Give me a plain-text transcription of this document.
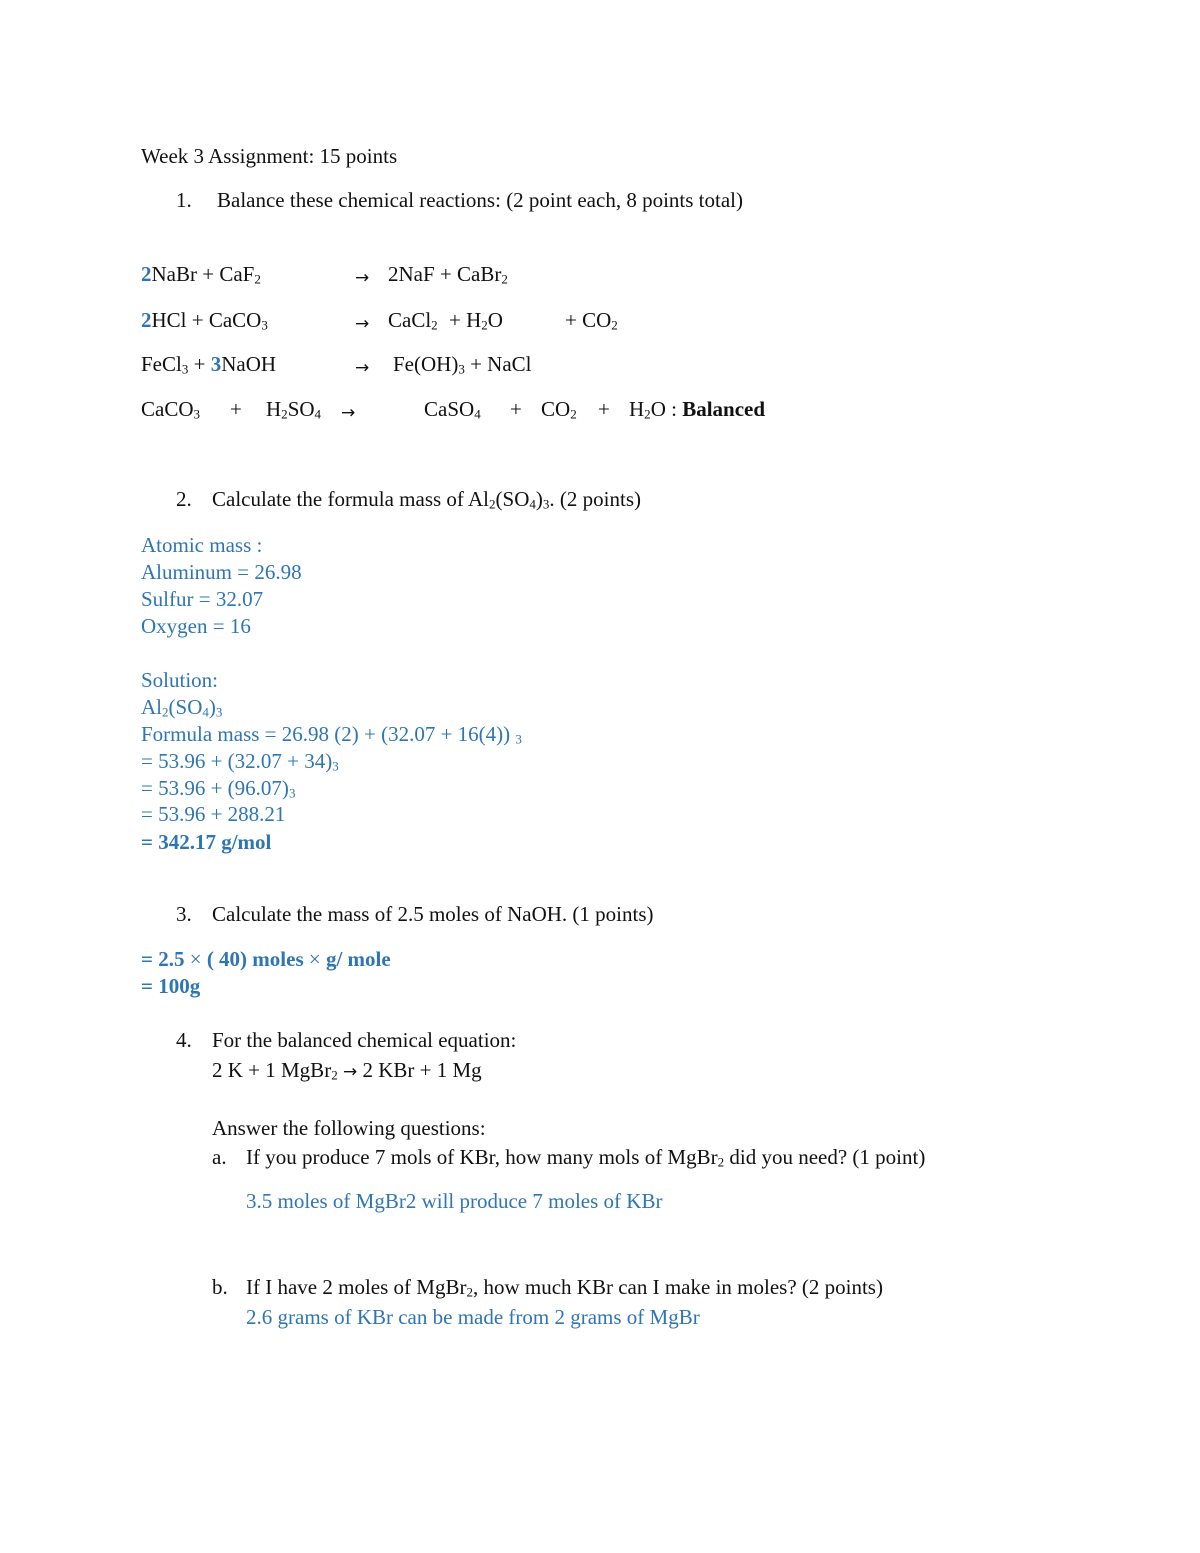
Week 3 Assignment: 15 points
1. Balance these chemical reactions: (2 point each, 8 points total)
2NaBr + CaF$_2$	→ 2NaF + CaBr$_2$
2HCl + CaCO$_3$	→ CaCl$_2$ + $H_2O$	+ $CO_2$
FeCl$_3$ + 3NaOH	→ $Fe(OH)_3$ + NaCl
CaCO$_3$ + $H_2SO_4$ →	CaSO$_4$ + $CO_2 + H_2O$ : Balanced
2. Calculate the formula mass of $Al_2(SO_4)_3$. (2 points)
Atomic mass :
Aluminum = 26.98
Sulfur = 32.07
Oxygen = 16
Solution:
$Al_2(SO_4)_3$
Formula mass = 26.98 (2) + (32.07 + 16(4)) $_3$
= $53.96 + (32.07 + 34)_3$
= $53.96 + (96.07)_3$
= 53.96 + 288.21
= 342.17 g/mol
3. Calculate the mass of 2.5 moles of NaOH. (1 points)
= 2.5 × ( 40) moles × g/ mole
= 100g
4. For the balanced chemical equation:
2 K + 1 MgBr$_2$ → 2 KBr + 1 Mg
Answer the following questions:
a. If you produce 7 mols of KBr, how many mols of MgBr$_2$ did you need? (1 point)
3.5 moles of MgBr2 will produce 7 moles of KBr
b. If I have 2 moles of MgBr$_2$, how much KBr can I make in moles? (2 points)
2.6 grams of KBr can be made from 2 grams of MgBr
